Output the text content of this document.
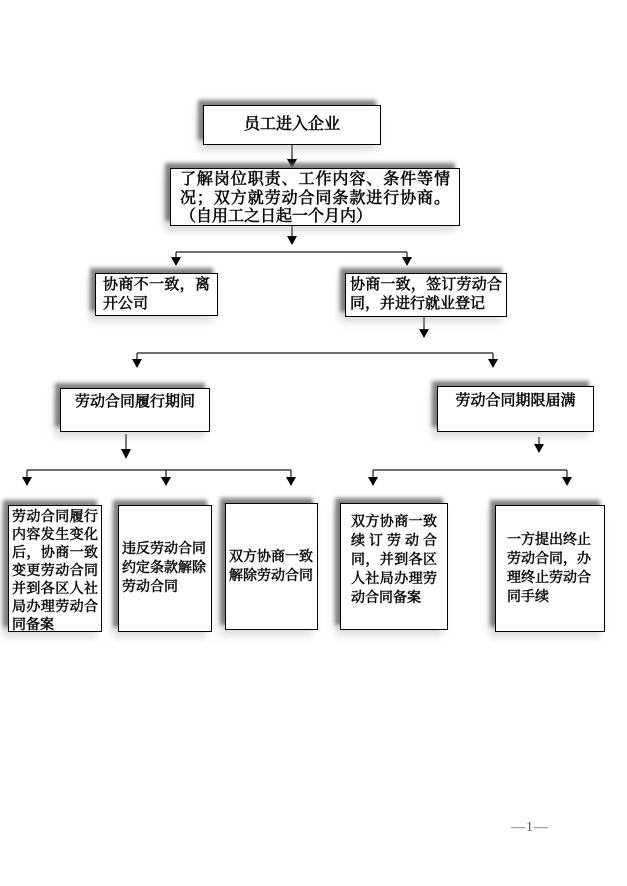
员工进入企业
了解岗位职责、工作内容、条件等情况；双方就劳动合同条款进行协商。（自用工之日起一个月内）
协商不一致，离开公司
协商一致，签订劳动合同，并进行就业登记
劳动合同履行期间	劳动合同期限届满
劳动合同履行内容发生变化后，协商一致变更劳动合同并到各区人社局办理劳动合同备案
违反劳动合同约定条款解除劳动合同
双方协商一致解除劳动合同
双方协商一致续订劳动合同，并到各区人社局办理劳动合同备案
一方提出终止劳动合同，办理终止劳动合同手续
—1—
